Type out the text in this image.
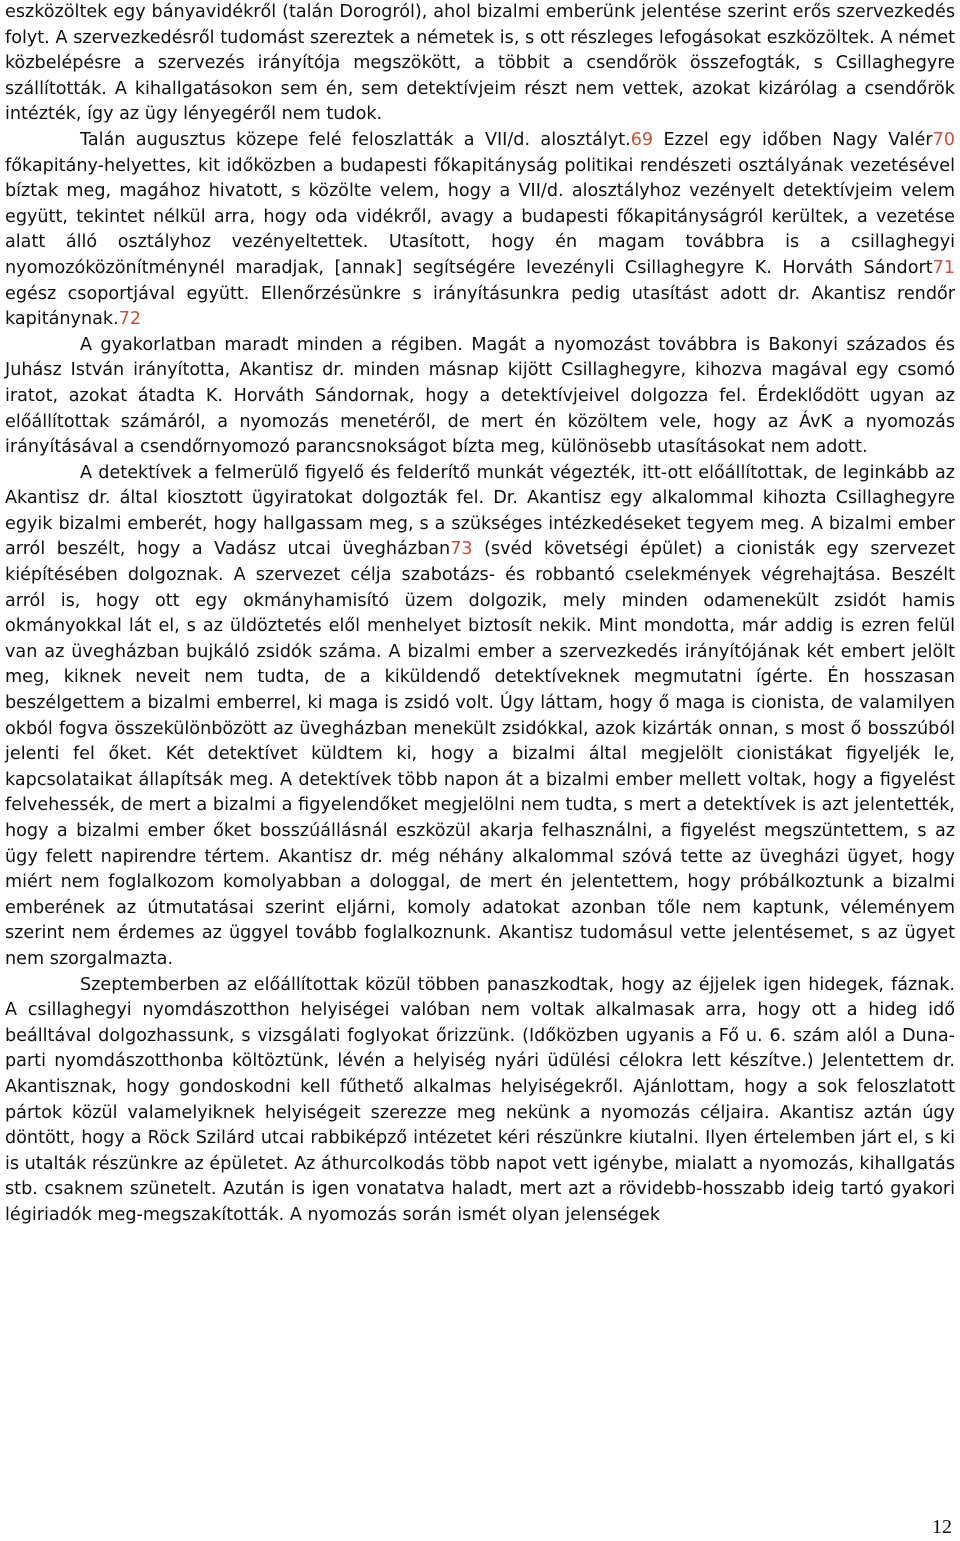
eszközöltek egy bányavidékről (talán Dorogról), ahol bizalmi emberünk jelentése szerint erős szervezkedés folyt. A szervezkedésről tudomást szereztek a németek is, s ott részleges lefogásokat eszközöltek. A német közbelépésre a szervezés irányítója megszökött, a többit a csendőrök összefogták, s Csillaghegyre szállították. A kihallgatásokon sem én, sem detektívjeim részt nem vettek, azokat kizárólag a csendőrök intézték, így az ügy lényegéről nem tudok.

Talán augusztus közepe felé feloszlatták a VII/d. alosztályt.69 Ezzel egy időben Nagy Valér70 főkapitány-helyettes, kit időközben a budapesti főkapitányság politikai rendészeti osztályának vezetésével bíztak meg, magához hivatott, s közölte velem, hogy a VII/d. alosztályhoz vezényelt detektívjeim velem együtt, tekintet nélkül arra, hogy oda vidékről, avagy a budapesti főkapitányságról kerültek, a vezetése alatt álló osztályhoz vezényeltettek. Utasított, hogy én magam továbbra is a csillaghegyi nyomozóközönítménynél maradjak, [annak] segítségére levezényli Csillaghegyre K. Horváth Sándort71 egész csoportjával együtt. Ellenőrzésünkre s irányításunkra pedig utasítást adott dr. Akantisz rendőr kapitánynak.72

A gyakorlatban maradt minden a régiben. Magát a nyomozást továbbra is Bakonyi százados és Juhász István irányította, Akantisz dr. minden másnap kijött Csillaghegyre, kihozva magával egy csomó iratot, azokat átadta K. Horváth Sándornak, hogy a detektívjeivel dolgozza fel. Érdeklődött ugyan az előállítottak számáról, a nyomozás menetéről, de mert én közöltem vele, hogy az ÁvK a nyomozás irányításával a csendőrnyomozó parancsnokságot bízta meg, különösebb utasításokat nem adott.

A detektívek a felmerülő figyelő és felderítő munkát végezték, itt-ott előállítottak, de leginkább az Akantisz dr. által kiosztott ügyiratokat dolgozták fel. Dr. Akantisz egy alkalommal kihozta Csillaghegyre egyik bizalmi emberét, hogy hallgassam meg, s a szükséges intézkedéseket tegyem meg. A bizalmi ember arról beszélt, hogy a Vadász utcai üvegházban73 (svéd követségi épület) a cionisták egy szervezet kiépítésében dolgoznak. A szervezet célja szabotázs- és robbantó cselekmények végrehajtása. Beszélt arról is, hogy ott egy okmányhamisító üzem dolgozik, mely minden odamenekült zsidót hamis okmányokkal lát el, s az üldöztetés elől menhelyet biztosít nekik. Mint mondotta, már addig is ezren felül van az üvegházban bujkáló zsidók száma. A bizalmi ember a szervezkedés irányítójának két embert jelölt meg, kiknek neveit nem tudta, de a kiküldendő detektíveknek megmutatni ígérte. Én hosszasan beszélgettem a bizalmi emberrel, ki maga is zsidó volt. Úgy láttam, hogy ő maga is cionista, de valamilyen okból fogva összekülönbözött az üvegházban menekült zsidókkal, azok kizárták onnan, s most ő bosszúból jelenti fel őket. Két detektívet küldtem ki, hogy a bizalmi által megjelölt cionistákat figyeljék le, kapcsolataikat állapítsák meg. A detektívek több napon át a bizalmi ember mellett voltak, hogy a figyelést felvehessék, de mert a bizalmi a figyelendőket megjelölni nem tudta, s mert a detektívek is azt jelentették, hogy a bizalmi ember őket bosszúállásnál eszközül akarja felhasználni, a figyelést megszüntettem, s az ügy felett napirendre tértem. Akantisz dr. még néhány alkalommal szóvá tette az üvegházi ügyet, hogy miért nem foglalkozom komolyabban a dologgal, de mert én jelentettem, hogy próbálkoztunk a bizalmi emberének az útmutatásai szerint eljárni, komoly adatokat azonban tőle nem kaptunk, véleményem szerint nem érdemes az üggyel tovább foglalkoznunk. Akantisz tudomásul vette jelentésemet, s az ügyet nem szorgalmazta.

Szeptemberben az előállítottak közül többen panaszkodtak, hogy az éjjelek igen hidegek, fáznak. A csillaghegyi nyomdászotthon helyiségei valóban nem voltak alkalmasak arra, hogy ott a hideg idő beálltával dolgozhassunk, s vizsgálati foglyokat őrizzünk. (Időközben ugyanis a Fő u. 6. szám alól a Duna-parti nyomdászotthonba költöztünk, lévén a helyiség nyári üdülési célokra lett készítve.) Jelentettem dr. Akantisznak, hogy gondoskodni kell fűthető alkalmas helyiségekről. Ajánlottam, hogy a sok feloszlatott pártok közül valamelyiknek helyiségeit szerezze meg nekünk a nyomozás céljaira. Akantisz aztán úgy döntött, hogy a Röck Szilárd utcai rabbiképző intézetet kéri részünkre kiutalni. Ilyen értelemben járt el, s ki is utalták részünkre az épületet. Az áthurcolkodás több napot vett igénybe, mialatt a nyomozás, kihallgatás stb. csaknem szünetelt. Azután is igen vonatatva haladt, mert azt a rövidebb-hosszabb ideig tartó gyakori légiriadók meg-megszakították. A nyomozás során ismét olyan jelenségek

12
